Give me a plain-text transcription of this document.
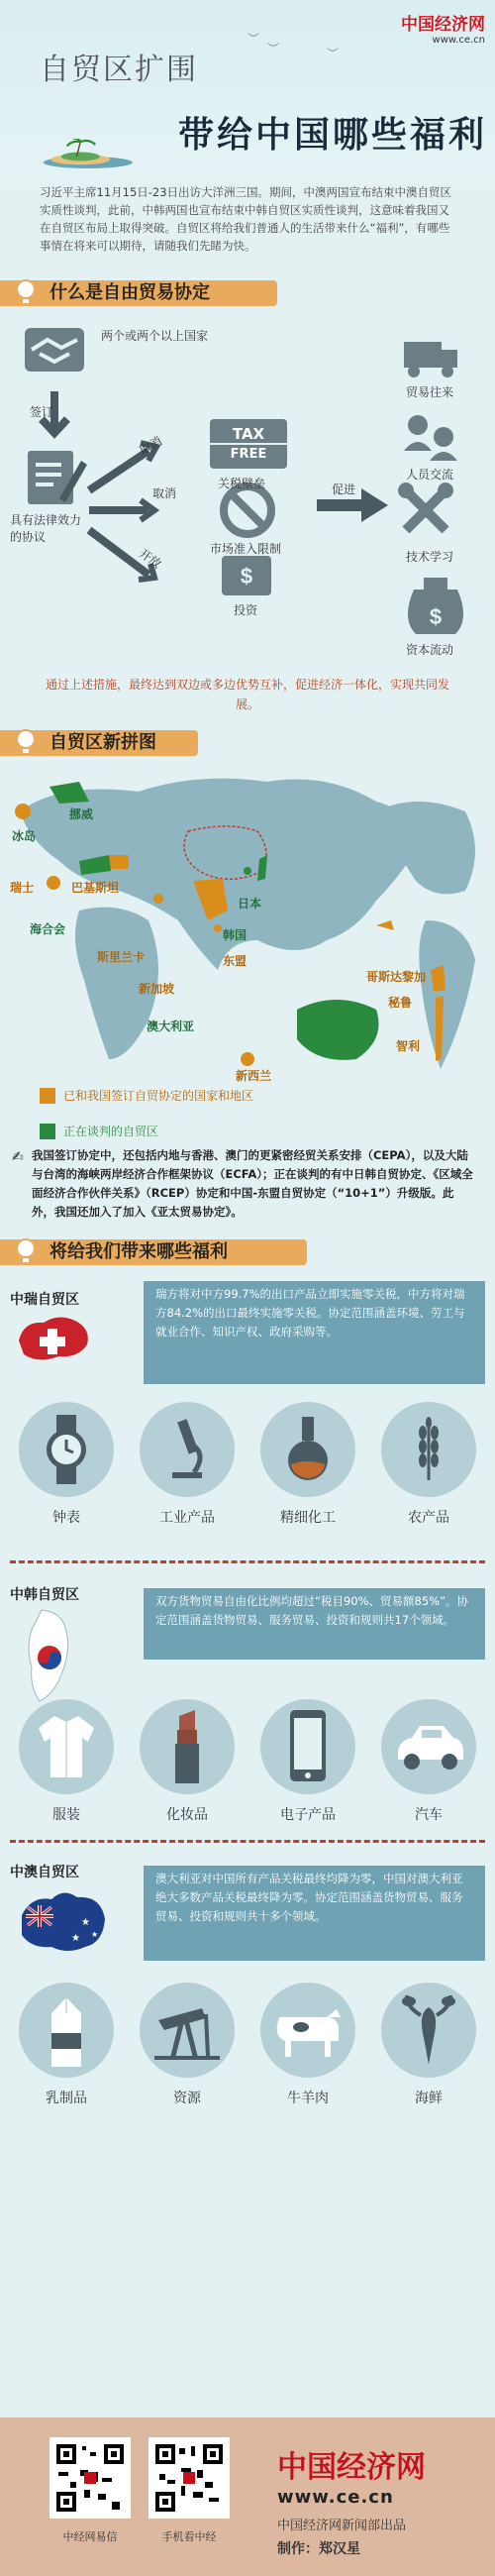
中国经济网
www.ce.cn
︶
︶	︶
自贸区扩围
带给中国哪些福利

习近平主席11月15日-23日出访大洋洲三国。期间，中澳两国宣布结束中澳自贸区实质性谈判，此前，中韩两国也宣布结束中韩自贸区实质性谈判，这意味着我国又在自贸区布局上取得突破。自贸区将给我们普通人的生活带来什么“福利”，有哪些事情在将来可以期待，请随我们先睹为快。

什么是自由贸易协定
$
$
两个或两个以上国家
签订
具有法律效力的协议
取消
取消
开放
TAX
FREE
关税壁垒
市场准入限制
投资
促进
贸易往来
人员交流
技术学习
资本流动

通过上述措施，最终达到双边或多边优势互补，促进经济一体化，实现共同发展。

自贸区新拼图
冰岛
挪威
瑞士	巴基斯坦
海合会
斯里兰卡
日本
韩国
东盟
新加坡
澳大利亚
新西兰
哥斯达黎加
秘鲁
智利
已和我国签订自贸协定的国家和地区
正在谈判的自贸区

✍ 我国签订协定中，还包括内地与香港、澳门的更紧密经贸关系安排（CEPA），以及大陆与台湾的海峡两岸经济合作框架协议（ECFA）；正在谈判的有中日韩自贸协定、《区域全面经济合作伙伴关系》（RCEP）协定和中国-东盟自贸协定（“10+1”）升级版。此外，我国还加入了加入《亚太贸易协定》。

将给我们带来哪些福利
中瑞自贸区	瑞方将对中方99.7%的出口产品立即实施零关税，中方将对瑞方84.2%的出口最终实施零关税。协定范围涵盖环境、劳工与就业合作、知识产权、政府采购等。
钟表	工业产品	精细化工	农产品
中韩自贸区	双方货物贸易自由化比例均超过“税目90%、贸易额85%”。协定范围涵盖货物贸易、服务贸易、投资和规则共17个领域。
服装	化妆品	电子产品	汽车
中澳自贸区
★
★ ★
澳大利亚对中国所有产品关税最终均降为零，中国对澳大利亚绝大多数产品关税最终降为零。协定范围涵盖货物贸易、服务贸易、投资和规则共十多个领域。
乳制品	资源	牛羊肉	海鲜
中经网易信	手机看中经
中国经济网
www.ce.cn
中国经济网新闻部出品
制作：郑汉星
